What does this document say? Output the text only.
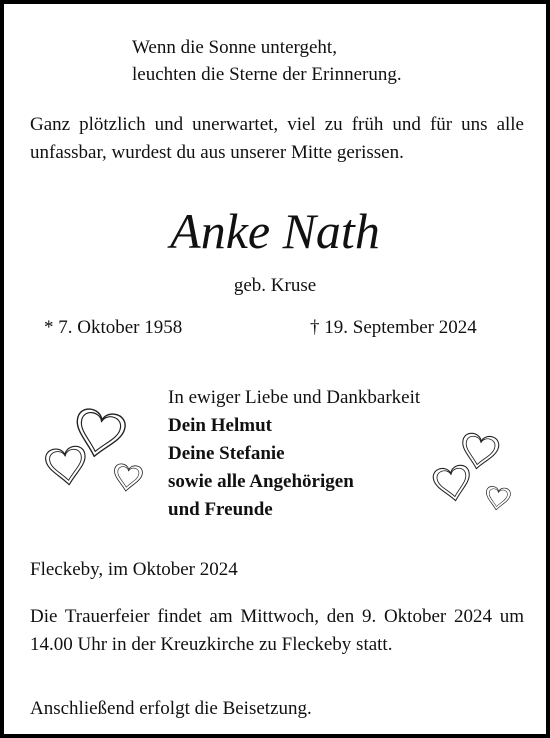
Wenn die Sonne untergeht,
leuchten die Sterne der Erinnerung.
Ganz plötzlich und unerwartet, viel zu früh und für uns alle unfassbar, wurdest du aus unserer Mitte gerissen.
Anke Nath
geb. Kruse
* 7. Oktober 1958	† 19. September 2024
In ewiger Liebe und Dankbarkeit
Dein Helmut
Deine Stefanie
sowie alle Angehörigen
und Freunde
Fleckeby, im Oktober 2024
Die Trauerfeier findet am Mittwoch, den 9. Oktober 2024 um 14.00 Uhr in der Kreuzkirche zu Fleckeby statt.
Anschließend erfolgt die Beisetzung.
